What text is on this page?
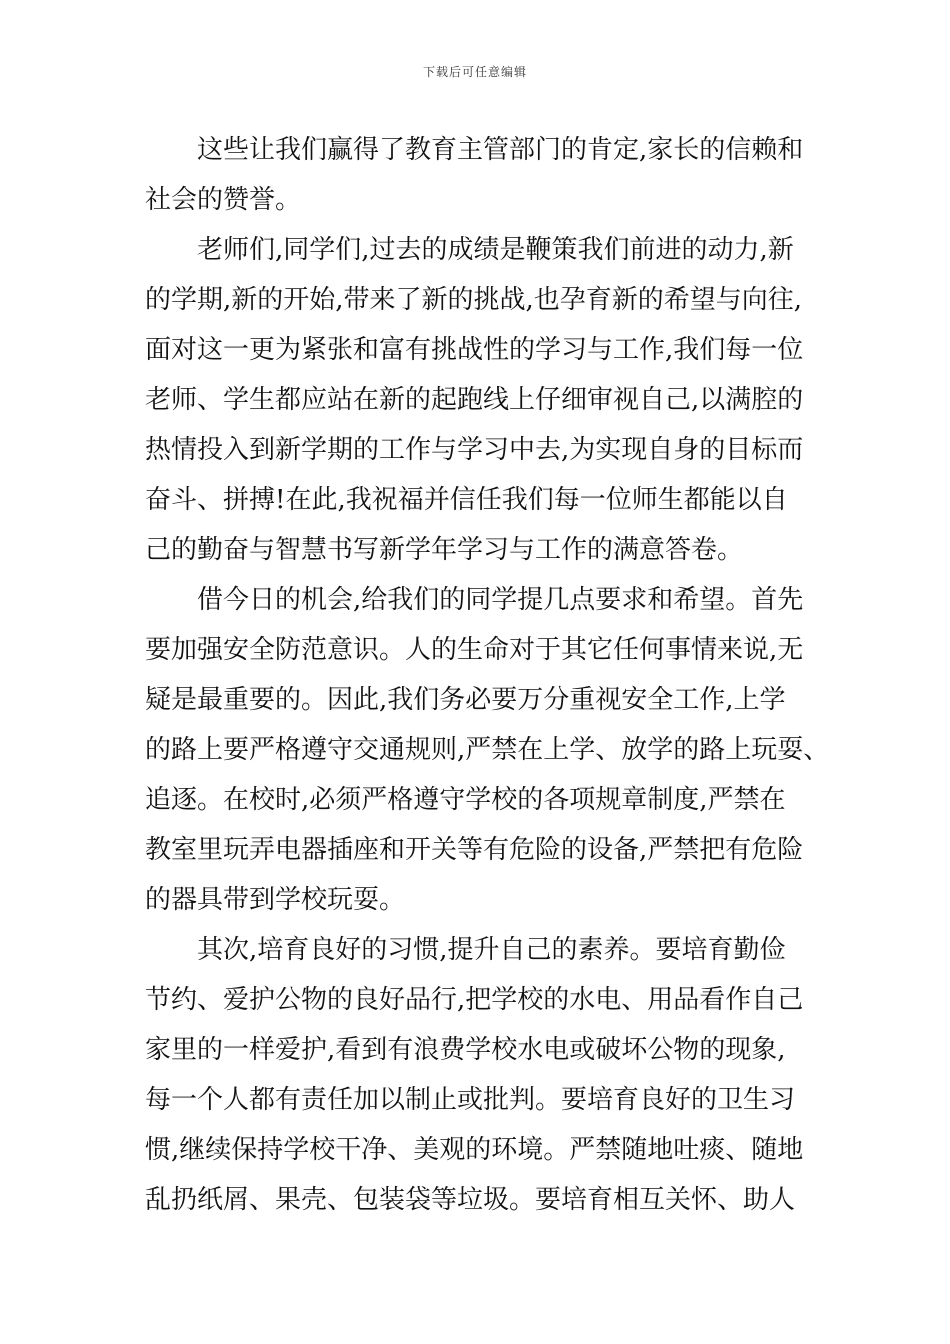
下载后可任意编辑

这些让我们赢得了教育主管部门的肯定,家长的信赖和
社会的赞誉。

老师们,同学们,过去的成绩是鞭策我们前进的动力,新
的学期,新的开始,带来了新的挑战,也孕育新的希望与向往,
面对这一更为紧张和富有挑战性的学习与工作,我们每一位
老师、学生都应站在新的起跑线上仔细审视自己,以满腔的
热情投入到新学期的工作与学习中去,为实现自身的目标而
奋斗、拼搏!在此,我祝福并信任我们每一位师生都能以自
己的勤奋与智慧书写新学年学习与工作的满意答卷。

借今日的机会,给我们的同学提几点要求和希望。首先
要加强安全防范意识。人的生命对于其它任何事情来说,无
疑是最重要的。因此,我们务必要万分重视安全工作,上学
的路上要严格遵守交通规则,严禁在上学、放学的路上玩耍、
追逐。在校时,必须严格遵守学校的各项规章制度,严禁在
教室里玩弄电器插座和开关等有危险的设备,严禁把有危险
的器具带到学校玩耍。

其次,培育良好的习惯,提升自己的素养。要培育勤俭
节约、爱护公物的良好品行,把学校的水电、用品看作自己
家里的一样爱护,看到有浪费学校水电或破坏公物的现象,
每一个人都有责任加以制止或批判。要培育良好的卫生习
惯,继续保持学校干净、美观的环境。严禁随地吐痰、随地
乱扔纸屑、果壳、包装袋等垃圾。要培育相互关怀、助人
